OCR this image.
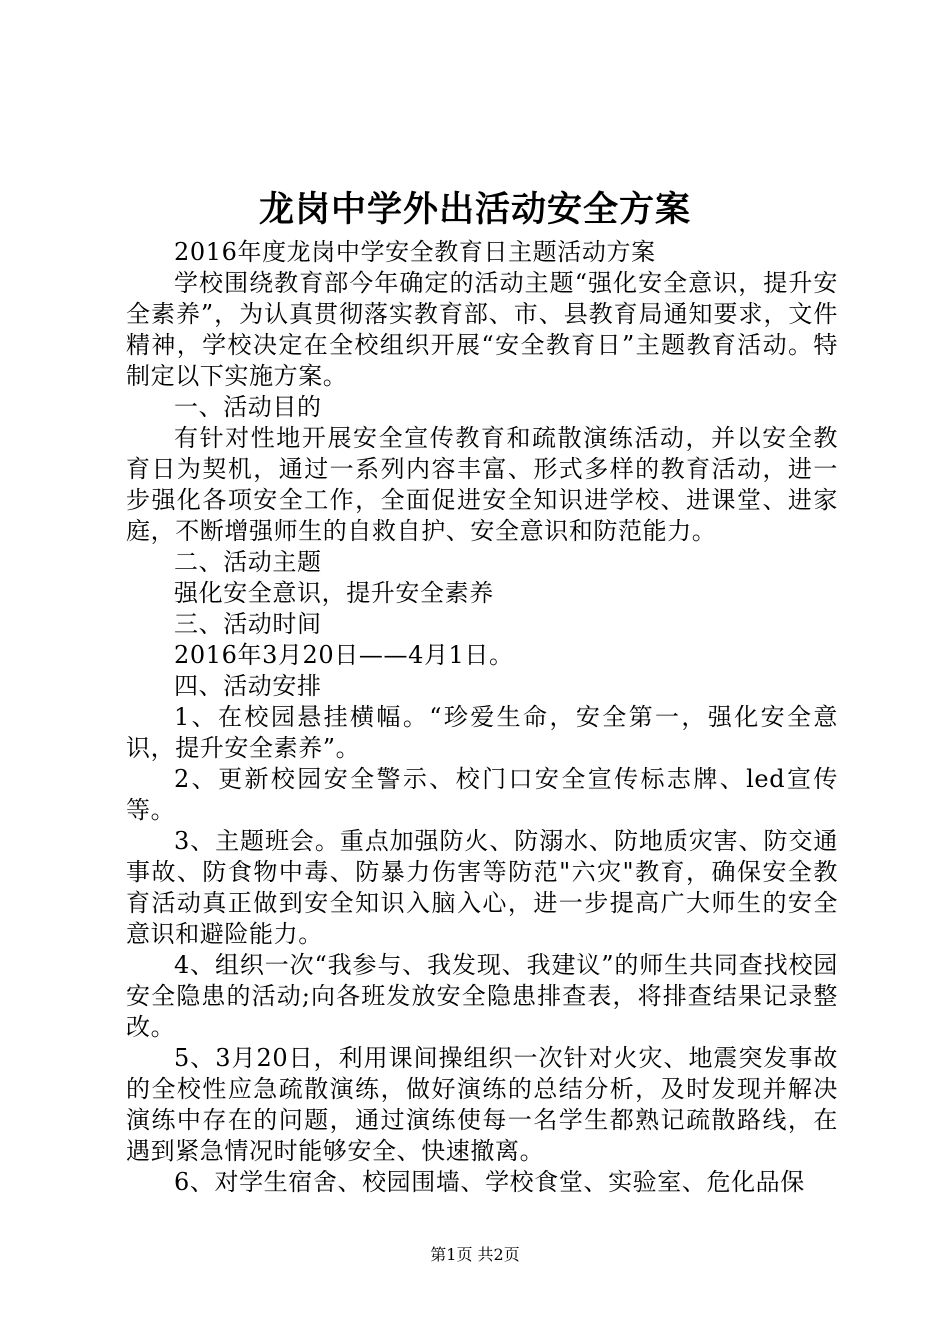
龙岗中学外出活动安全方案

2016年度龙岗中学安全教育日主题活动方案

学校围绕教育部今年确定的活动主题“强化安全意识，提升安全素养”，为认真贯彻落实教育部、市、县教育局通知要求，文件精神，学校决定在全校组织开展“安全教育日”主题教育活动。特制定以下实施方案。

一、活动目的

有针对性地开展安全宣传教育和疏散演练活动，并以安全教育日为契机，通过一系列内容丰富、形式多样的教育活动，进一步强化各项安全工作，全面促进安全知识进学校、进课堂、进家庭，不断增强师生的自救自护、安全意识和防范能力。

二、活动主题

强化安全意识，提升安全素养

三、活动时间

2016年3月20日——4月1日。

四、活动安排

1、在校园悬挂横幅。“珍爱生命，安全第一，强化安全意识，提升安全素养”。

2、更新校园安全警示、校门口安全宣传标志牌、led宣传等。

3、主题班会。重点加强防火、防溺水、防地质灾害、防交通事故、防食物中毒、防暴力伤害等防范"六灾"教育，确保安全教育活动真正做到安全知识入脑入心，进一步提高广大师生的安全意识和避险能力。

4、组织一次“我参与、我发现、我建议”的师生共同查找校园安全隐患的活动;向各班发放安全隐患排查表，将排查结果记录整改。

5、3月20日，利用课间操组织一次针对火灾、地震突发事故的全校性应急疏散演练，做好演练的总结分析，及时发现并解决演练中存在的问题，通过演练使每一名学生都熟记疏散路线，在遇到紧急情况时能够安全、快速撤离。

6、对学生宿舍、校园围墙、学校食堂、实验室、危化品保

第1页 共2页
